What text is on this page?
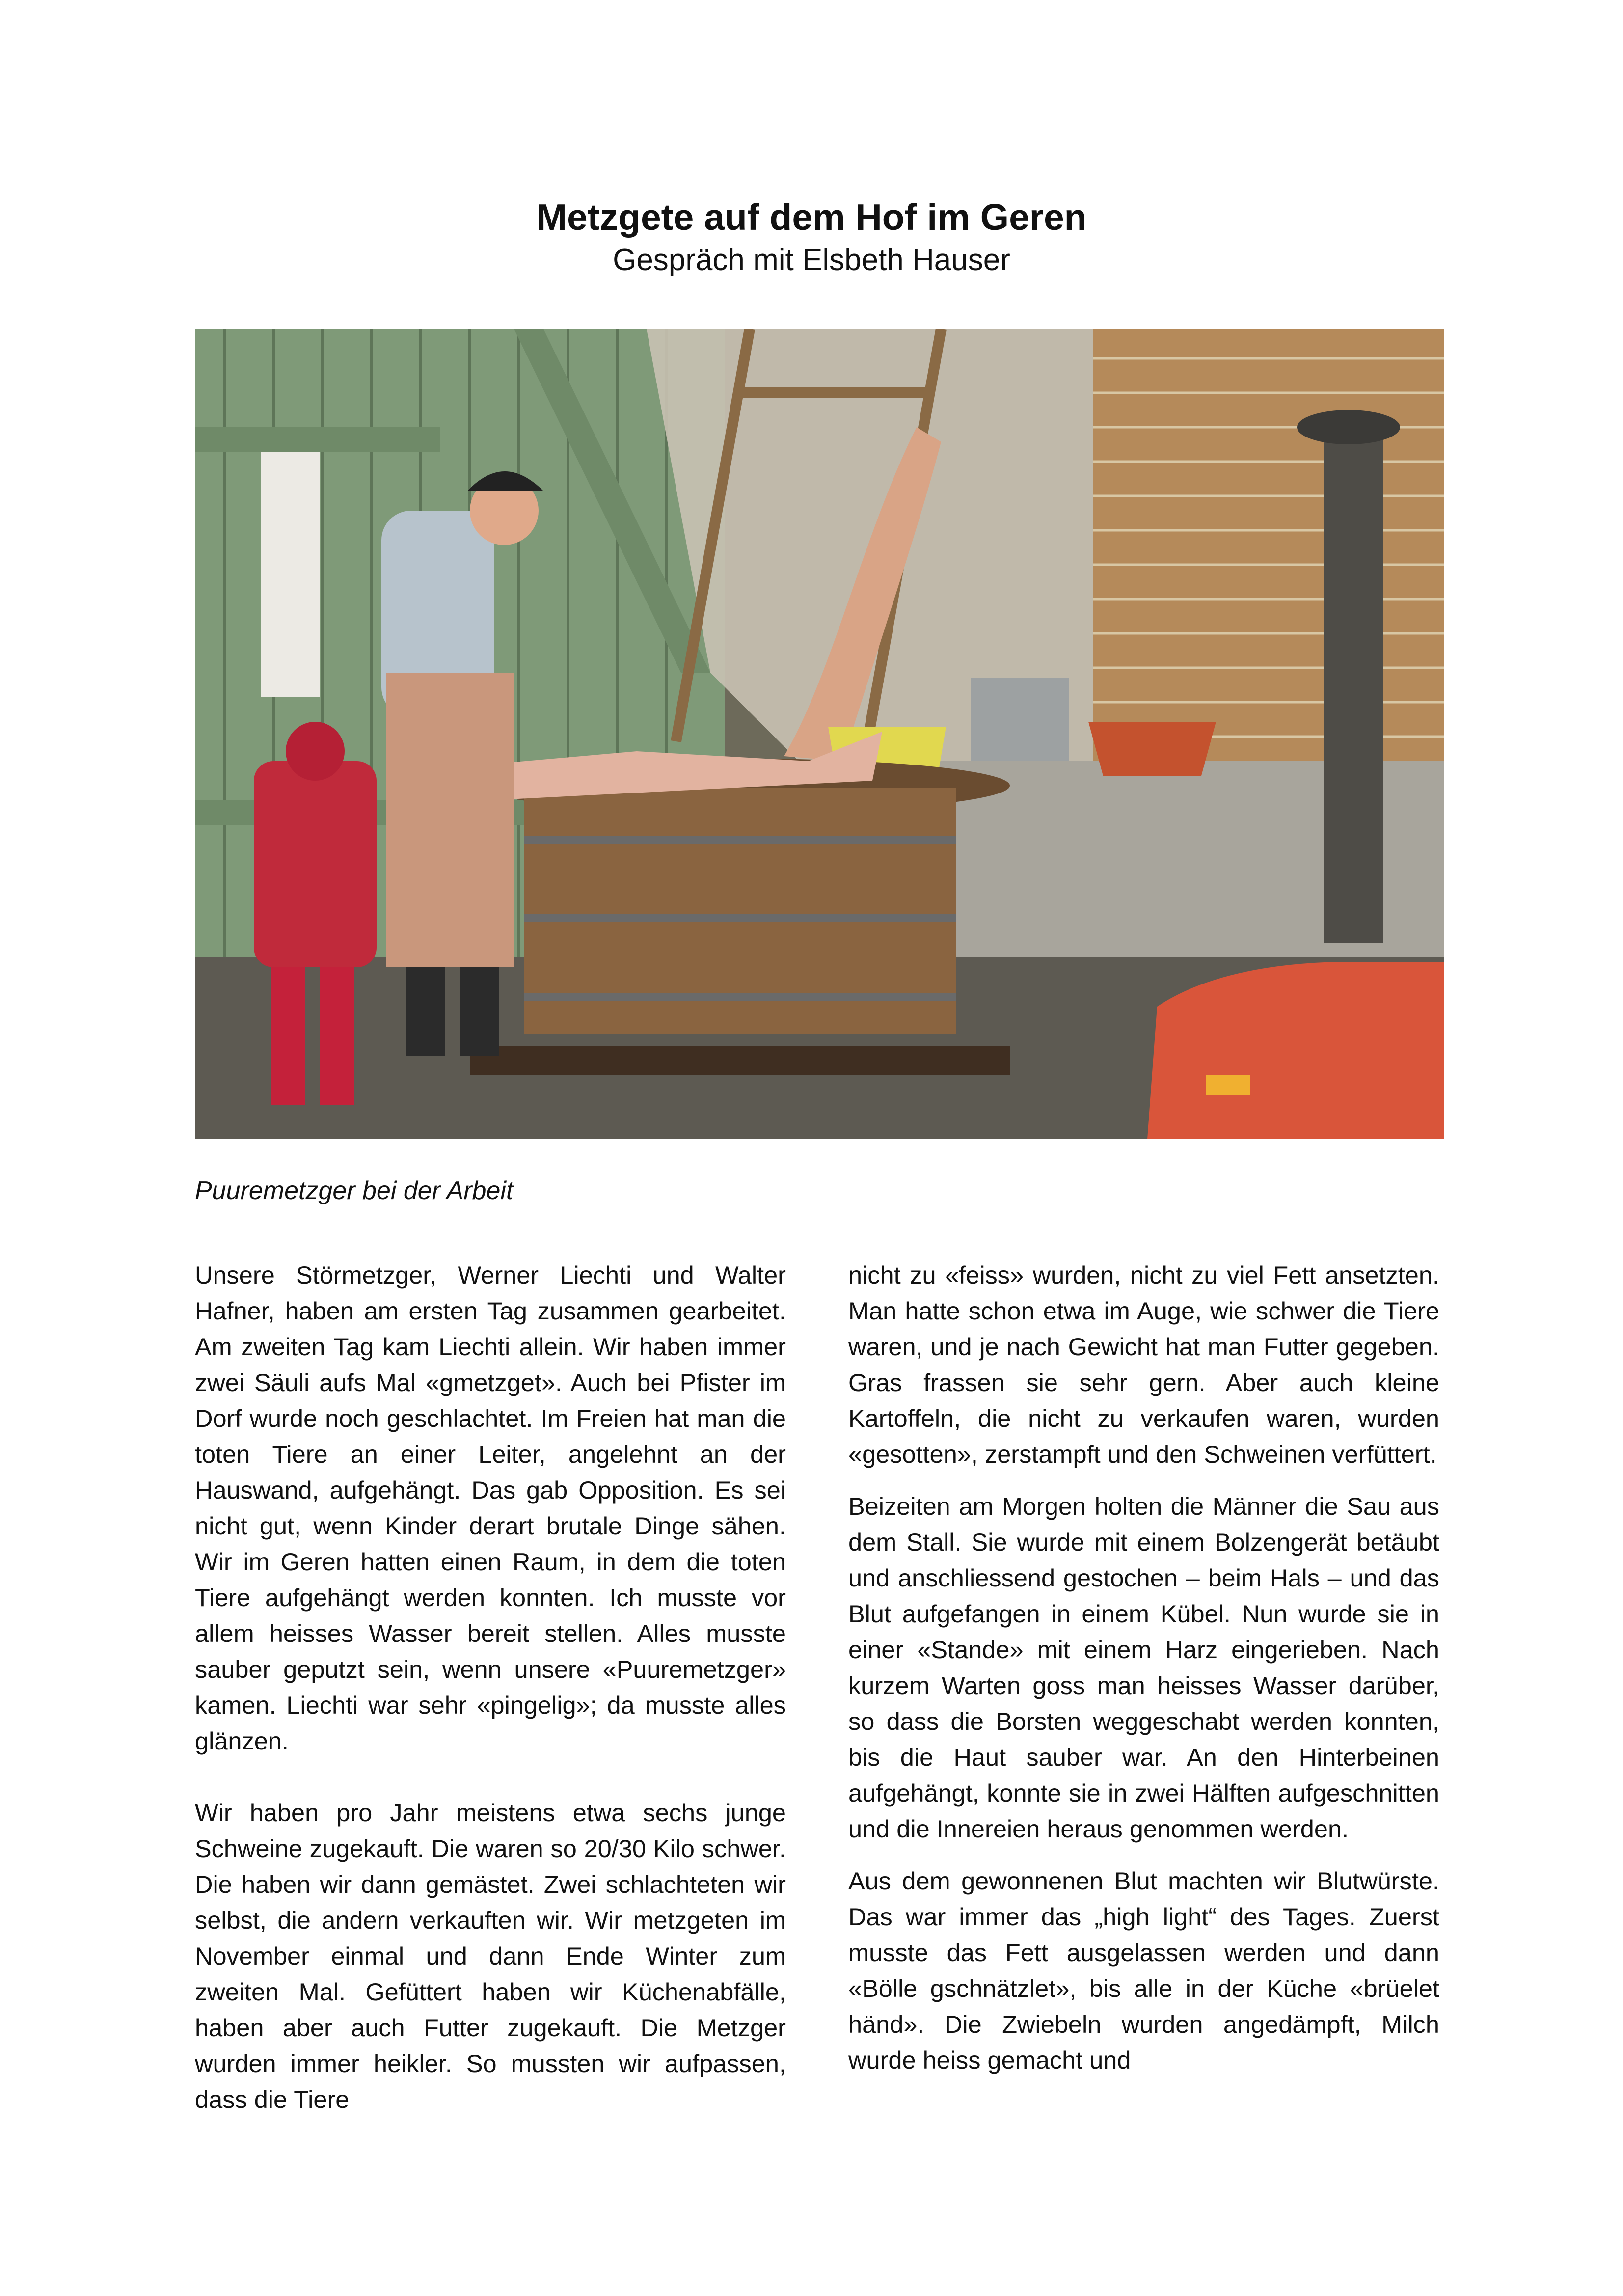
Metzgete auf dem Hof im Geren
Gespräch mit Elsbeth Hauser
Puuremetzger bei der Arbeit

Unsere Störmetzger, Werner Liechti und Walter Hafner, haben am ersten Tag zusammen gearbeitet. Am zweiten Tag kam Liechti allein. Wir haben immer zwei Säuli aufs Mal «gmetzget». Auch bei Pfister im Dorf wurde noch geschlachtet. Im Freien hat man die toten Tiere an einer Leiter, angelehnt an der Hauswand, aufgehängt. Das gab Opposition. Es sei nicht gut, wenn Kinder derart brutale Dinge sähen. Wir im Geren hatten einen Raum, in dem die toten Tiere aufgehängt werden konnten. Ich musste vor allem heisses Wasser bereit stellen. Alles musste sauber geputzt sein, wenn unsere «Puuremetzger» kamen. Liechti war sehr «pingelig»; da musste alles glänzen.

Wir haben pro Jahr meistens etwa sechs junge Schweine zugekauft. Die waren so 20/30 Kilo schwer. Die haben wir dann gemästet. Zwei schlachteten wir selbst, die andern verkauften wir. Wir metzgeten im November einmal und dann Ende Winter zum zweiten Mal. Gefüttert haben wir Küchenabfälle, haben aber auch Futter zugekauft. Die Metzger wurden immer heikler. So mussten wir aufpassen, dass die Tiere

nicht zu «feiss» wurden, nicht zu viel Fett ansetzten. Man hatte schon etwa im Auge, wie schwer die Tiere waren, und je nach Gewicht hat man Futter gegeben. Gras frassen sie sehr gern. Aber auch kleine Kartoffeln, die nicht zu verkaufen waren, wurden «gesotten», zerstampft und den Schweinen verfüttert.

Beizeiten am Morgen holten die Männer die Sau aus dem Stall. Sie wurde mit einem Bolzengerät betäubt und anschliessend gestochen – beim Hals – und das Blut aufgefangen in einem Kübel. Nun wurde sie in einer «Stande» mit einem Harz eingerieben. Nach kurzem Warten goss man heisses Wasser darüber, so dass die Borsten weggeschabt werden konnten, bis die Haut sauber war. An den Hinterbeinen aufgehängt, konnte sie in zwei Hälften aufgeschnitten und die Innereien heraus genommen werden.

Aus dem gewonnenen Blut machten wir Blutwürste. Das war immer das „high light“ des Tages. Zuerst musste das Fett ausgelassen werden und dann «Bölle gschnätzlet», bis alle in der Küche «brüelet händ». Die Zwiebeln wurden angedämpft, Milch wurde heiss gemacht und
